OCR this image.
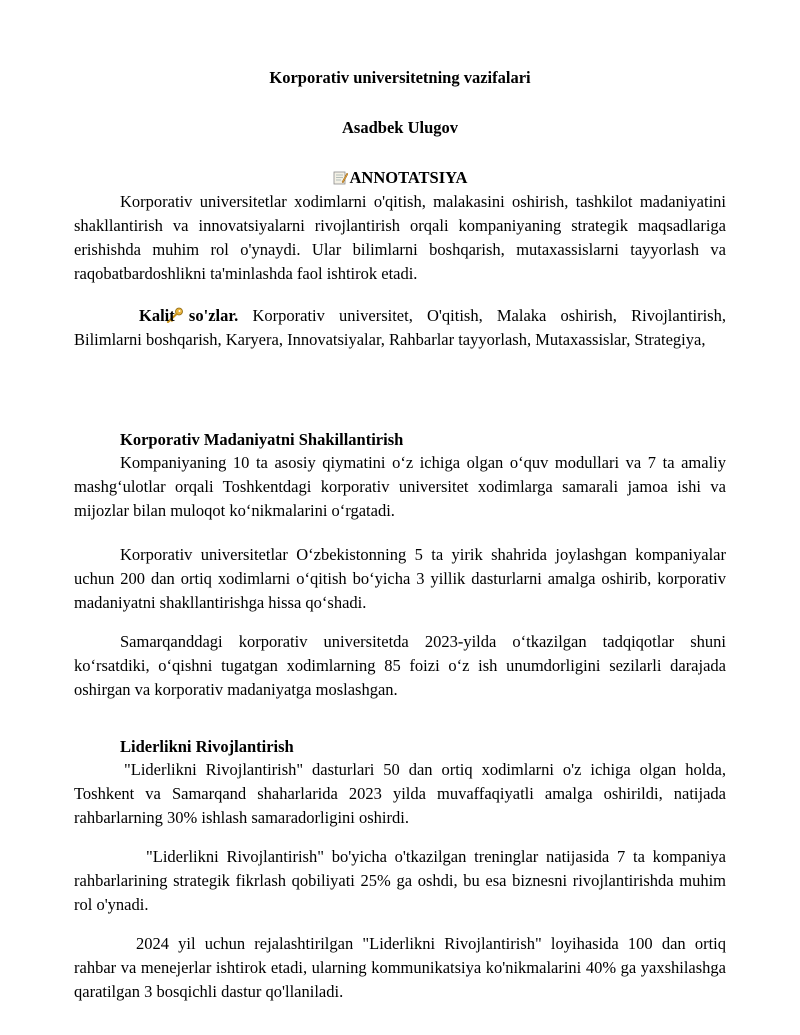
Korporativ universitetning vazifalari
Asadbek Ulugov
ANNOTATSIYA

Korporativ universitetlar xodimlarni o'qitish, malakasini oshirish, tashkilot madaniyatini shakllantirish va innovatsiyalarni rivojlantirish orqali kompaniyaning strategik maqsadlariga erishishda muhim rol o'ynaydi. Ular bilimlarni boshqarish, mutaxassislarni tayyorlash va raqobatbardoshlikni ta'minlashda faol ishtirok etadi.

Kalit so'zlar. Korporativ universitet, O'qitish, Malaka oshirish, Rivojlantirish, Bilimlarni boshqarish, Karyera, Innovatsiyalar, Rahbarlar tayyorlash, Mutaxassislar, Strategiya,

Korporativ Madaniyatni Shakillantirish

Kompaniyaning 10 ta asosiy qiymatini o‘z ichiga olgan o‘quv modullari va 7 ta amaliy mashg‘ulotlar orqali Toshkentdagi korporativ universitet xodimlarga samarali jamoa ishi va mijozlar bilan muloqot ko‘nikmalarini o‘rgatadi.

Korporativ universitetlar O‘zbekistonning 5 ta yirik shahrida joylashgan kompaniyalar uchun 200 dan ortiq xodimlarni o‘qitish bo‘yicha 3 yillik dasturlarni amalga oshirib, korporativ madaniyatni shakllantirishga hissa qo‘shadi.

Samarqanddagi korporativ universitetda 2023-yilda o‘tkazilgan tadqiqotlar shuni ko‘rsatdiki, o‘qishni tugatgan xodimlarning 85 foizi o‘z ish unumdorligini sezilarli darajada oshirgan va korporativ madaniyatga moslashgan.

Liderlikni Rivojlantirish

"Liderlikni Rivojlantirish" dasturlari 50 dan ortiq xodimlarni o'z ichiga olgan holda, Toshkent va Samarqand shaharlarida 2023 yilda muvaffaqiyatli amalga oshirildi, natijada rahbarlarning 30% ishlash samaradorligini oshirdi.

"Liderlikni Rivojlantirish" bo'yicha o'tkazilgan treninglar natijasida 7 ta kompaniya rahbarlarining strategik fikrlash qobiliyati 25% ga oshdi, bu esa biznesni rivojlantirishda muhim rol o'ynadi.

2024 yil uchun rejalashtirilgan "Liderlikni Rivojlantirish" loyihasida 100 dan ortiq rahbar va menejerlar ishtirok etadi, ularning kommunikatsiya ko'nikmalarini 40% ga yaxshilashga qaratilgan 3 bosqichli dastur qo'llaniladi.
